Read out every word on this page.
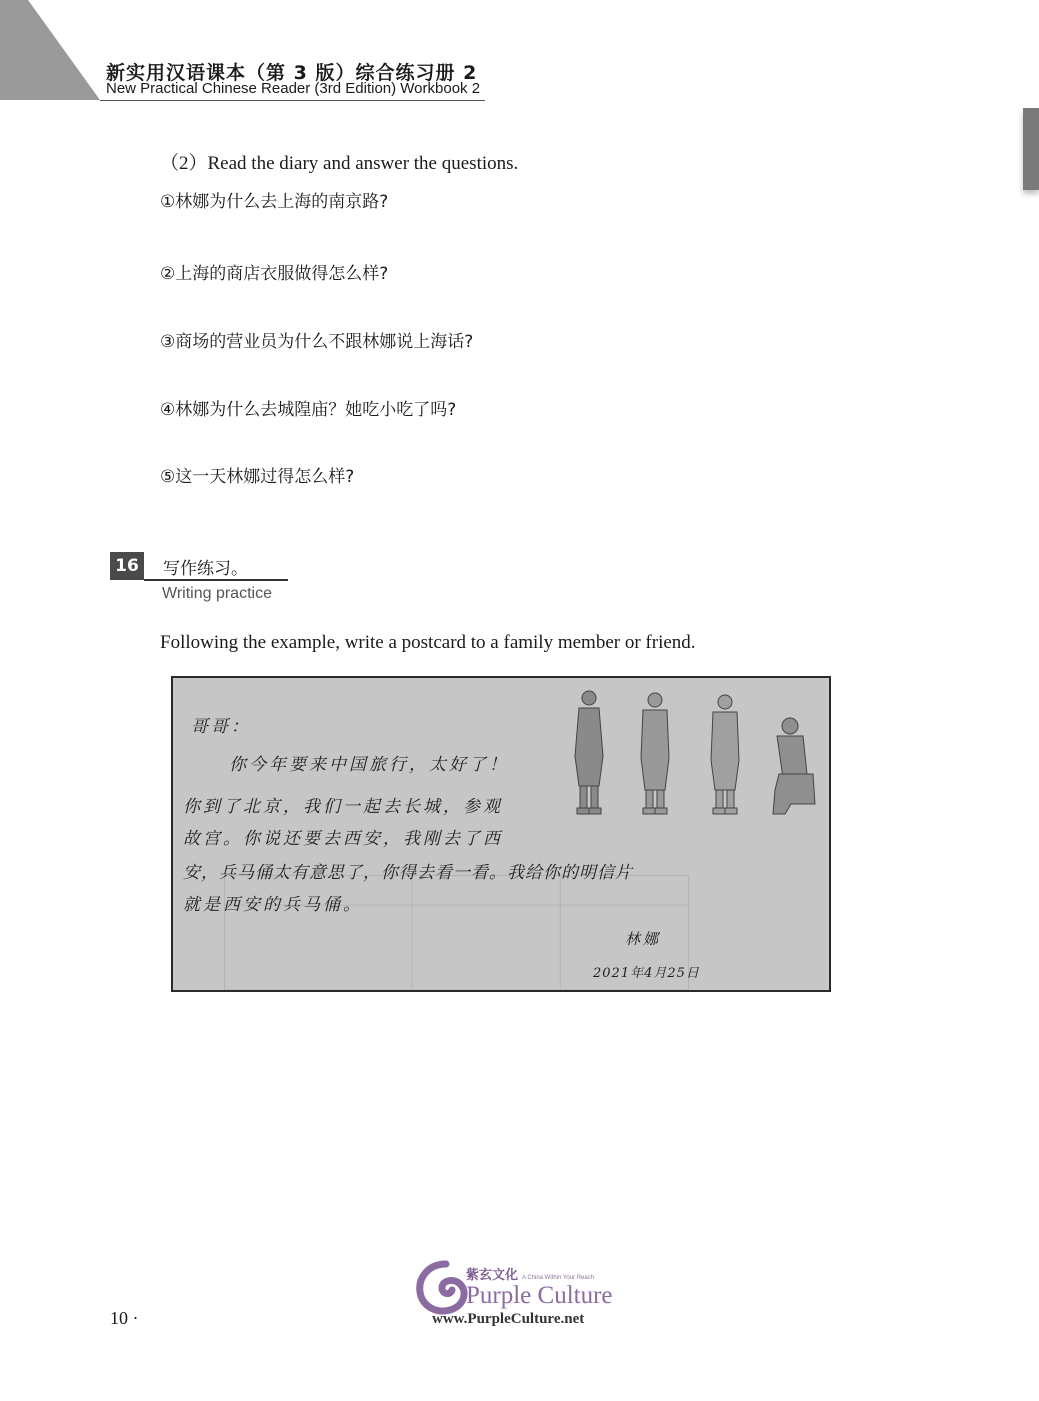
新实用汉语课本（第 3 版）综合练习册 2
New Practical Chinese Reader (3rd Edition) Workbook 2
（2）Read the diary and answer the questions.
①林娜为什么去上海的南京路?
②上海的商店衣服做得怎么样?
③商场的营业员为什么不跟林娜说上海话?
④林娜为什么去城隍庙？她吃小吃了吗?
⑤这一天林娜过得怎么样?
16	写作练习。
Writing practice
Following the example, write a postcard to a family member or friend.
哥哥：
你今年要来中国旅行，太好了！
你到了北京，我们一起去长城，参观
故宫。你说还要去西安，我刚去了西
安，兵马俑太有意思了，你得去看一看。我给你的明信片
就是西安的兵马俑。
林娜
2021年4月25日
10 ·
紫玄文化 A China Within Your Reach
Purple Culture
www.PurpleCulture.net
